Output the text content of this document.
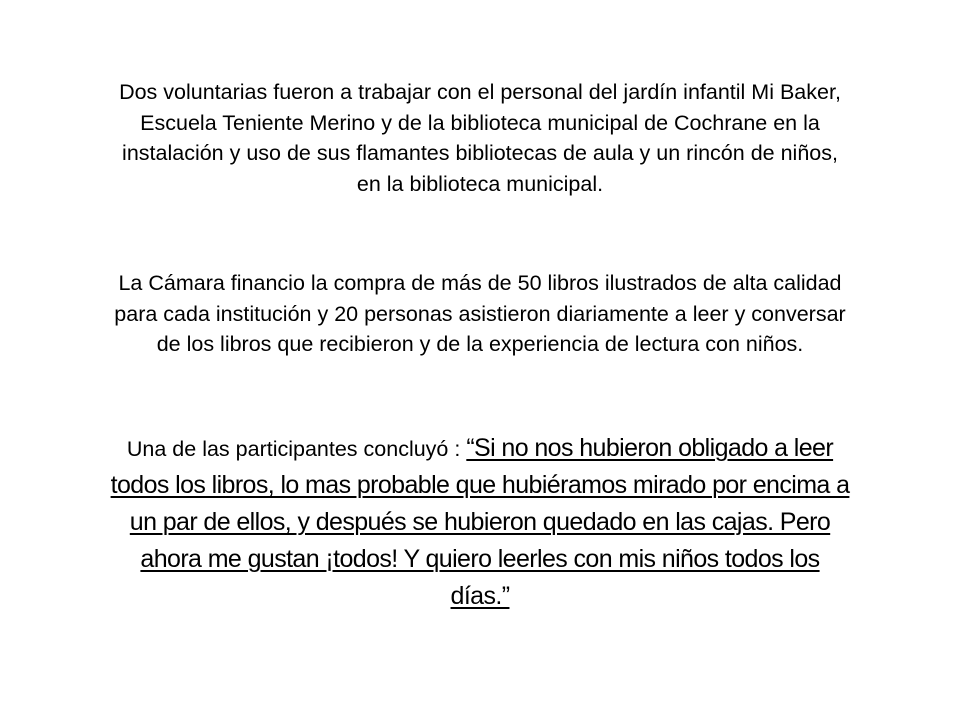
Dos voluntarias fueron a trabajar con el personal del jardín infantil Mi Baker, Escuela Teniente Merino y de la biblioteca municipal de Cochrane en la instalación y uso de sus flamantes bibliotecas de aula y un rincón de niños, en la biblioteca municipal.

La Cámara financio la compra de más de 50 libros ilustrados de alta calidad para cada institución y 20 personas asistieron diariamente a leer y conversar de los libros que recibieron y de la experiencia de lectura con niños.

Una de las participantes concluyó : “Si no nos hubieron obligado a leer todos los libros, lo mas probable que hubiéramos mirado por encima a un par de ellos, y después se hubieron quedado en las cajas. Pero ahora me gustan ¡todos! Y quiero leerles con mis niños todos los días.”
